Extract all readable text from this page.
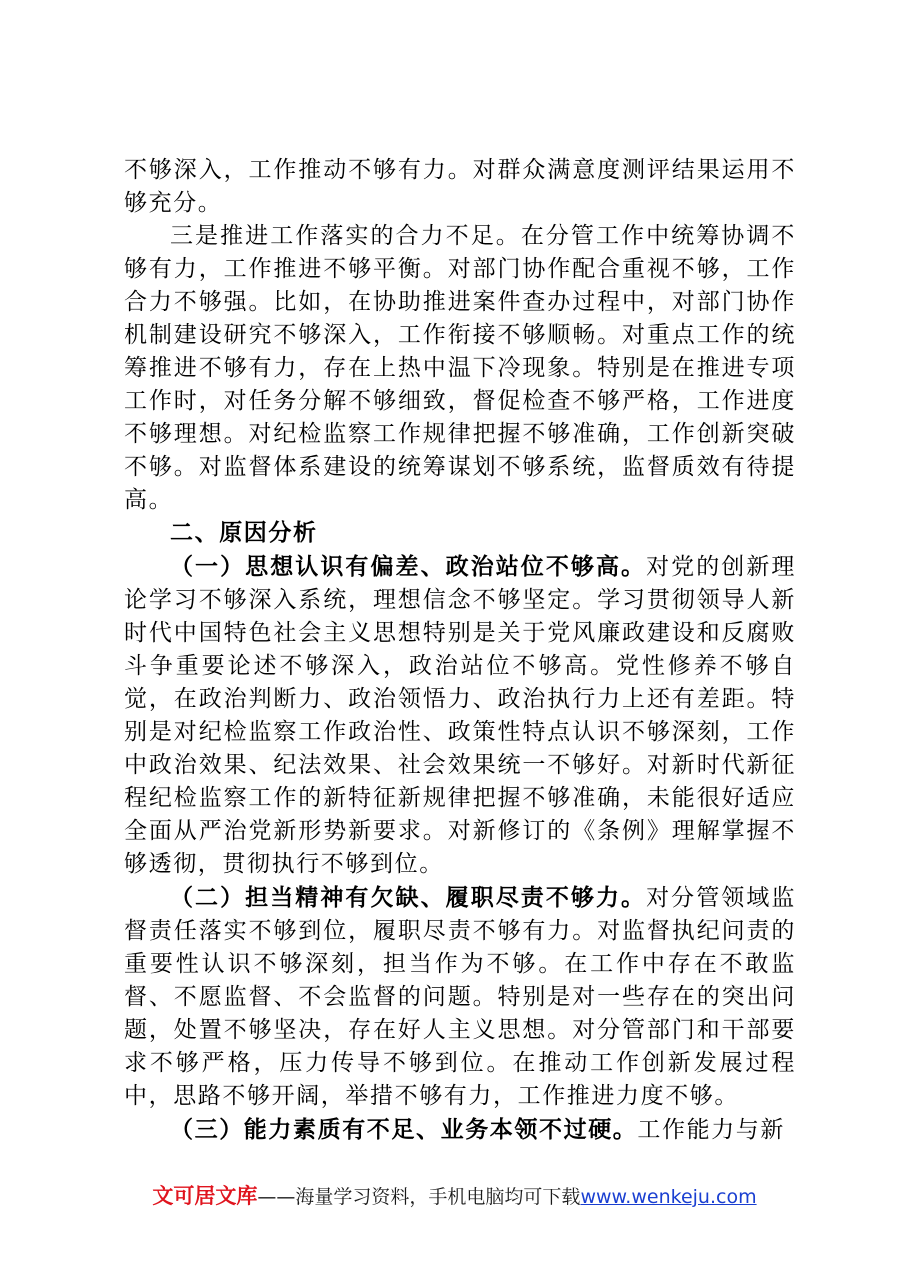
不够深入，工作推动不够有力。对群众满意度测评结果运用不够充分。

三是推进工作落实的合力不足。在分管工作中统筹协调不够有力，工作推进不够平衡。对部门协作配合重视不够，工作合力不够强。比如，在协助推进案件查办过程中，对部门协作机制建设研究不够深入，工作衔接不够顺畅。对重点工作的统筹推进不够有力，存在上热中温下冷现象。特别是在推进专项工作时，对任务分解不够细致，督促检查不够严格，工作进度不够理想。对纪检监察工作规律把握不够准确，工作创新突破不够。对监督体系建设的统筹谋划不够系统，监督质效有待提高。

二、原因分析

（一）思想认识有偏差、政治站位不够高。对党的创新理论学习不够深入系统，理想信念不够坚定。学习贯彻领导人新时代中国特色社会主义思想特别是关于党风廉政建设和反腐败斗争重要论述不够深入，政治站位不够高。党性修养不够自觉，在政治判断力、政治领悟力、政治执行力上还有差距。特别是对纪检监察工作政治性、政策性特点认识不够深刻，工作中政治效果、纪法效果、社会效果统一不够好。对新时代新征程纪检监察工作的新特征新规律把握不够准确，未能很好适应全面从严治党新形势新要求。对新修订的《条例》理解掌握不够透彻，贯彻执行不够到位。

（二）担当精神有欠缺、履职尽责不够力。对分管领域监督责任落实不够到位，履职尽责不够有力。对监督执纪问责的重要性认识不够深刻，担当作为不够。在工作中存在不敢监督、不愿监督、不会监督的问题。特别是对一些存在的突出问题，处置不够坚决，存在好人主义思想。对分管部门和干部要求不够严格，压力传导不够到位。在推动工作创新发展过程中，思路不够开阔，举措不够有力，工作推进力度不够。

（三）能力素质有不足、业务本领不过硬。工作能力与新

文可居文库——海量学习资料，手机电脑均可下载www.wenkeju.com
